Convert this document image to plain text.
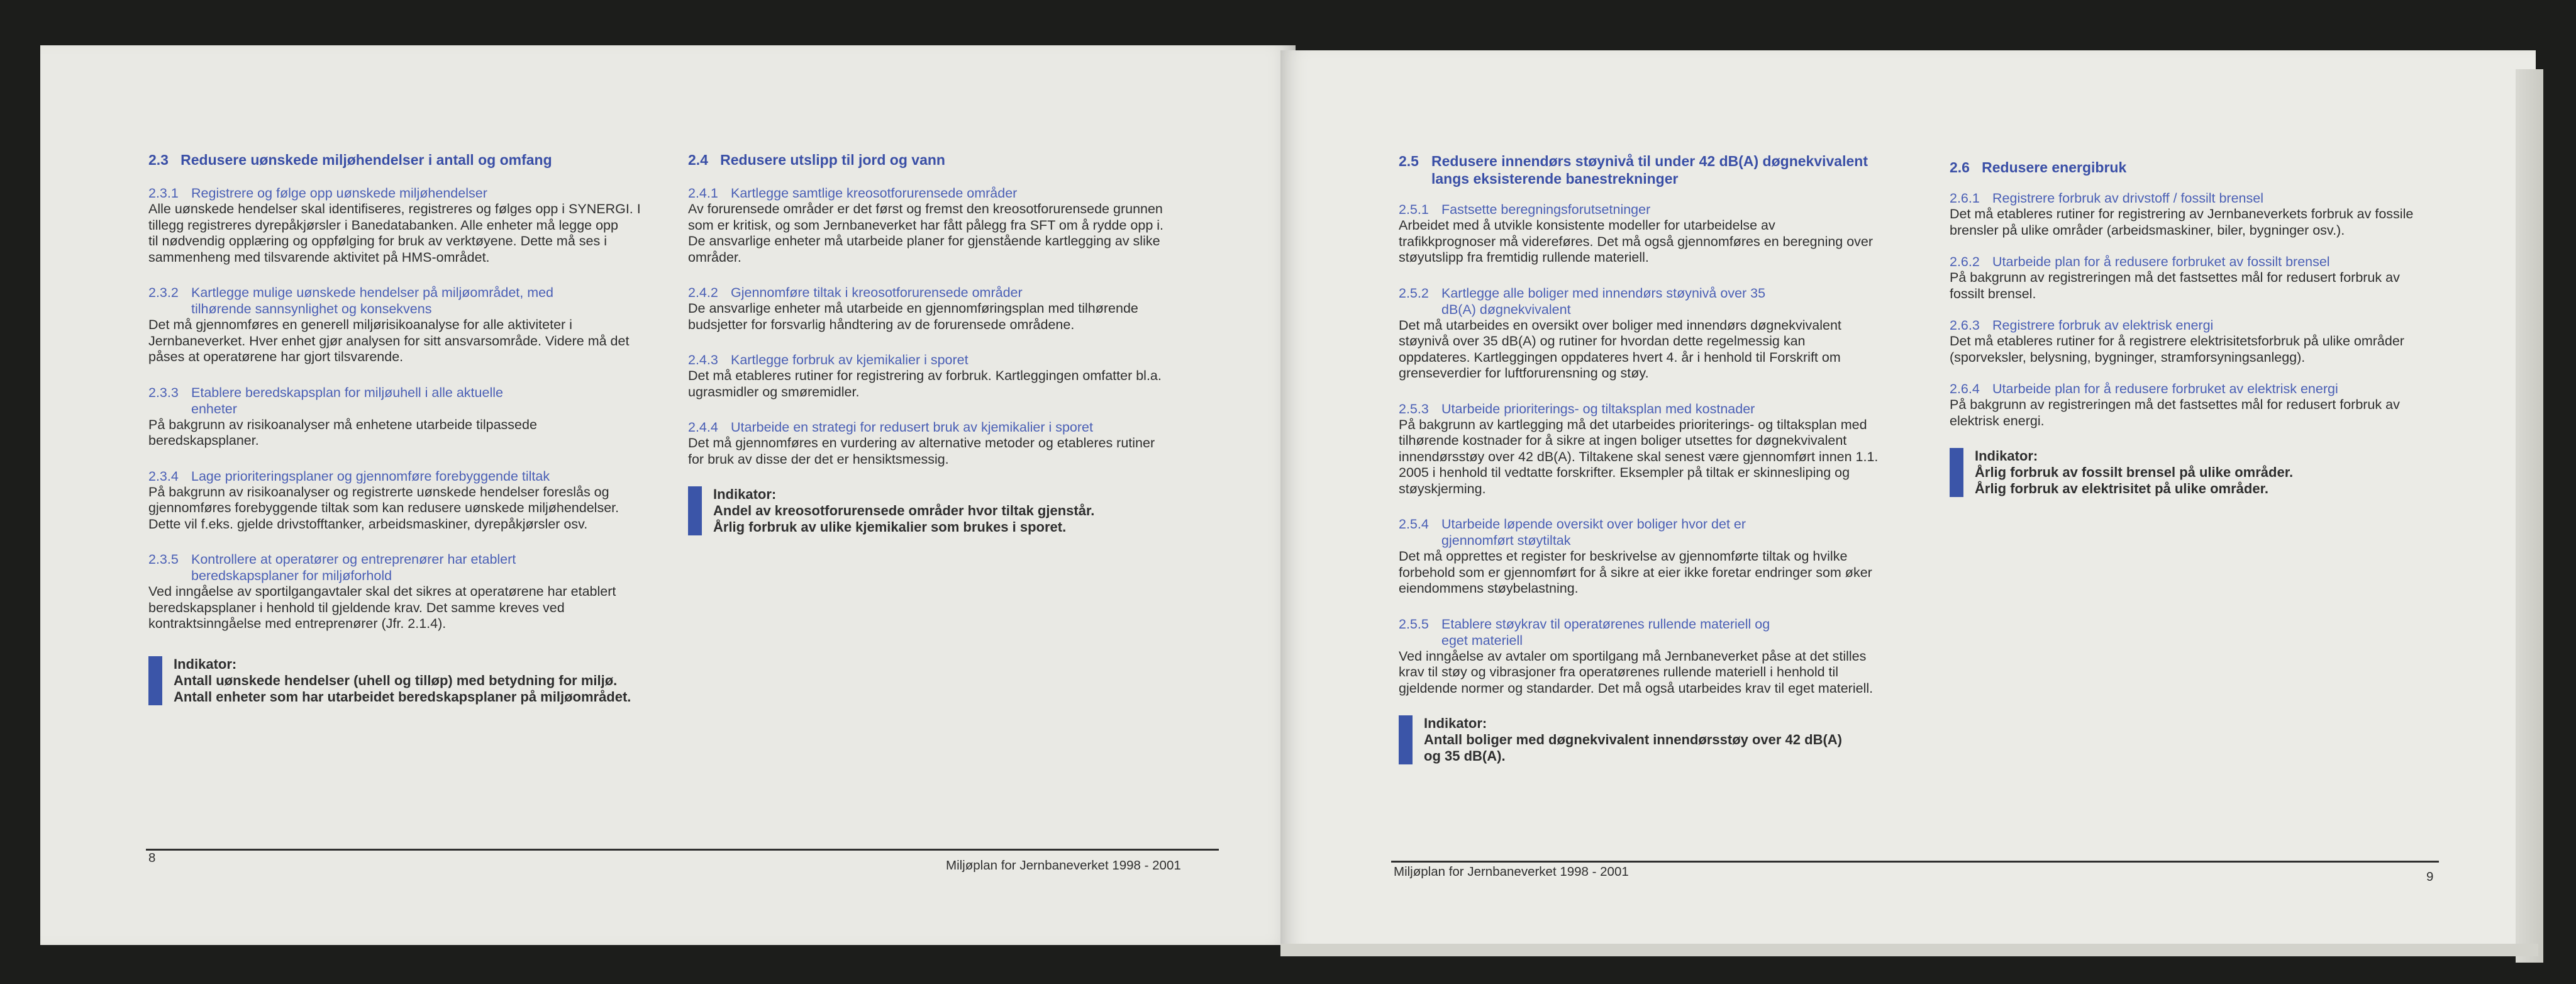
2.3 Redusere uønskede miljøhendelser i antall og omfang
2.3.1 Registrere og følge opp uønskede miljøhendelser
Alle uønskede hendelser skal identifiseres, registreres og følges opp i SYNERGI. I
tillegg registreres dyrepåkjørsler i Banedatabanken. Alle enheter må legge opp
til nødvendig opplæring og oppfølging for bruk av verktøyene. Dette må ses i
sammenheng med tilsvarende aktivitet på HMS-området.
2.3.2 Kartlegge mulige uønskede hendelser på miljøområdet, med tilhørende sannsynlighet og konsekvens
Det må gjennomføres en generell miljørisikoanalyse for alle aktiviteter i
Jernbaneverket. Hver enhet gjør analysen for sitt ansvarsområde. Videre må det
påses at operatørene har gjort tilsvarende.
2.3.3 Etablere beredskapsplan for miljøuhell i alle aktuelle enheter
På bakgrunn av risikoanalyser må enhetene utarbeide tilpassede
beredskapsplaner.
2.3.4 Lage prioriteringsplaner og gjennomføre forebyggende tiltak
På bakgrunn av risikoanalyser og registrerte uønskede hendelser foreslås og
gjennomføres forebyggende tiltak som kan redusere uønskede miljøhendelser.
Dette vil f.eks. gjelde drivstofftanker, arbeidsmaskiner, dyrepåkjørsler osv.
2.3.5 Kontrollere at operatører og entreprenører har etablert beredskapsplaner for miljøforhold
Ved inngåelse av sportilgangavtaler skal det sikres at operatørene har etablert
beredskapsplaner i henhold til gjeldende krav. Det samme kreves ved
kontraktsinngåelse med entreprenører (Jfr. 2.1.4).
Indikator:
Antall uønskede hendelser (uhell og tilløp) med betydning for miljø.
Antall enheter som har utarbeidet beredskapsplaner på miljøområdet.
2.4 Redusere utslipp til jord og vann
2.4.1 Kartlegge samtlige kreosotforurensede områder
Av forurensede områder er det først og fremst den kreosotforurensede grunnen
som er kritisk, og som Jernbaneverket har fått pålegg fra SFT om å rydde opp i.
De ansvarlige enheter må utarbeide planer for gjenstående kartlegging av slike
områder.
2.4.2 Gjennomføre tiltak i kreosotforurensede områder
De ansvarlige enheter må utarbeide en gjennomføringsplan med tilhørende
budsjetter for forsvarlig håndtering av de forurensede områdene.
2.4.3 Kartlegge forbruk av kjemikalier i sporet
Det må etableres rutiner for registrering av forbruk. Kartleggingen omfatter bl.a.
ugrasmidler og smøremidler.
2.4.4 Utarbeide en strategi for redusert bruk av kjemikalier i sporet
Det må gjennomføres en vurdering av alternative metoder og etableres rutiner
for bruk av disse der det er hensiktsmessig.
Indikator:
Andel av kreosotforurensede områder hvor tiltak gjenstår.
Årlig forbruk av ulike kjemikalier som brukes i sporet.
8
Miljøplan for Jernbaneverket 1998 - 2001
2.5 Redusere innendørs støynivå til under 42 dB(A) døgnekvivalent langs eksisterende banestrekninger
2.5.1 Fastsette beregningsforutsetninger
Arbeidet med å utvikle konsistente modeller for utarbeidelse av
trafikkprognoser må videreføres. Det må også gjennomføres en beregning over
støyutslipp fra fremtidig rullende materiell.
2.5.2 Kartlegge alle boliger med innendørs støynivå over 35 dB(A) døgnekvivalent
Det må utarbeides en oversikt over boliger med innendørs døgnekvivalent
støynivå over 35 dB(A) og rutiner for hvordan dette regelmessig kan
oppdateres. Kartleggingen oppdateres hvert 4. år i henhold til Forskrift om
grenseverdier for luftforurensning og støy.
2.5.3 Utarbeide prioriterings- og tiltaksplan med kostnader
På bakgrunn av kartlegging må det utarbeides prioriterings- og tiltaksplan med
tilhørende kostnader for å sikre at ingen boliger utsettes for døgnekvivalent
innendørsstøy over 42 dB(A). Tiltakene skal senest være gjennomført innen 1.1.
2005 i henhold til vedtatte forskrifter. Eksempler på tiltak er skinnesliping og
støyskjerming.
2.5.4 Utarbeide løpende oversikt over boliger hvor det er gjennomført støytiltak
Det må opprettes et register for beskrivelse av gjennomførte tiltak og hvilke
forbehold som er gjennomført for å sikre at eier ikke foretar endringer som øker
eiendommens støybelastning.
2.5.5 Etablere støykrav til operatørenes rullende materiell og eget materiell
Ved inngåelse av avtaler om sportilgang må Jernbaneverket påse at det stilles
krav til støy og vibrasjoner fra operatørenes rullende materiell i henhold til
gjeldende normer og standarder. Det må også utarbeides krav til eget materiell.
Indikator:
Antall boliger med døgnekvivalent innendørsstøy over 42 dB(A)
og 35 dB(A).
2.6 Redusere energibruk
2.6.1 Registrere forbruk av drivstoff / fossilt brensel
Det må etableres rutiner for registrering av Jernbaneverkets forbruk av fossile
brensler på ulike områder (arbeidsmaskiner, biler, bygninger osv.).
2.6.2 Utarbeide plan for å redusere forbruket av fossilt brensel
På bakgrunn av registreringen må det fastsettes mål for redusert forbruk av
fossilt brensel.
2.6.3 Registrere forbruk av elektrisk energi
Det må etableres rutiner for å registrere elektrisitetsforbruk på ulike områder
(sporveksler, belysning, bygninger, stramforsyningsanlegg).
2.6.4 Utarbeide plan for å redusere forbruket av elektrisk energi
På bakgrunn av registreringen må det fastsettes mål for redusert forbruk av
elektrisk energi.
Indikator:
Årlig forbruk av fossilt brensel på ulike områder.
Årlig forbruk av elektrisitet på ulike områder.
Miljøplan for Jernbaneverket 1998 - 2001	9
